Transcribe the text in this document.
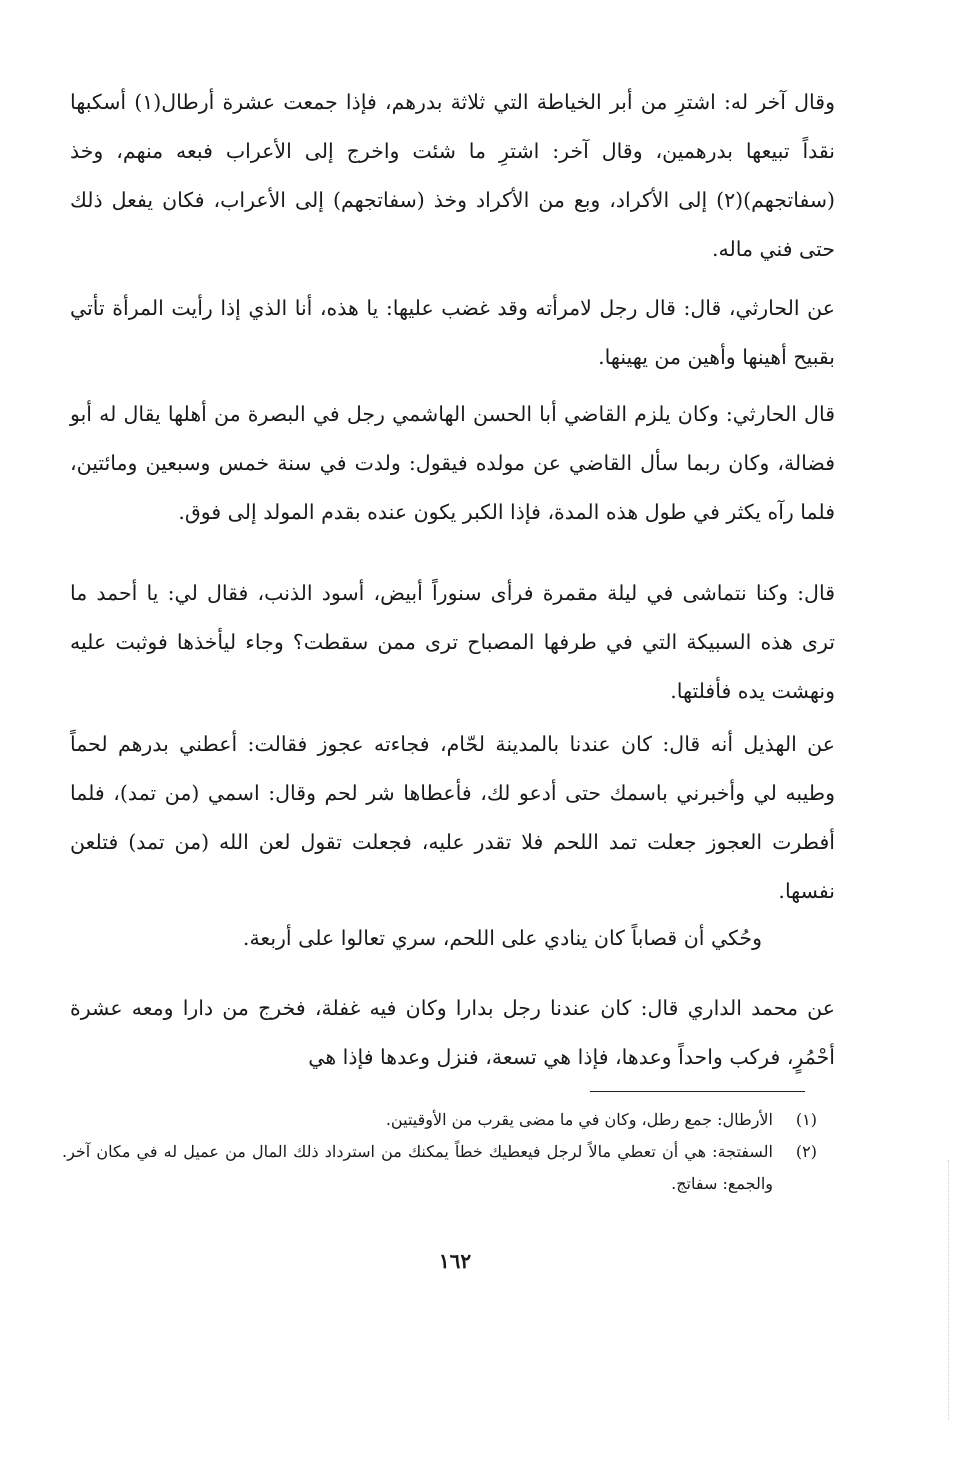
وقال آخر له: اشترِ من أبر الخياطة التي ثلاثة بدرهم، فإذا جمعت عشرة أرطال(١) أسكبها نقداً تبيعها بدرهمين، وقال آخر: اشترِ ما شئت واخرج إلى الأعراب فبعه منهم، وخذ (سفاتجهم)(٢) إلى الأكراد، وبع من الأكراد وخذ (سفاتجهم) إلى الأعراب، فكان يفعل ذلك حتى فني ماله.

عن الحارثي، قال: قال رجل لامرأته وقد غضب عليها: يا هذه، أنا الذي إذا رأيت المرأة تأتي بقبيح أهينها وأهين من يهينها.

قال الحارثي: وكان يلزم القاضي أبا الحسن الهاشمي رجل في البصرة من أهلها يقال له أبو فضالة، وكان ربما سأل القاضي عن مولده فيقول: ولدت في سنة خمس وسبعين ومائتين، فلما رآه يكثر في طول هذه المدة، فإذا الكبر يكون عنده بقدم المولد إلى فوق.

قال: وكنا نتماشى في ليلة مقمرة فرأى سنوراً أبيض، أسود الذنب، فقال لي: يا أحمد ما ترى هذه السبيكة التي في طرفها المصباح ترى ممن سقطت؟ وجاء ليأخذها فوثبت عليه ونهشت يده فأفلتها.

عن الهذيل أنه قال: كان عندنا بالمدينة لحّام، فجاءته عجوز فقالت: أعطني بدرهم لحماً وطيبه لي وأخبرني باسمك حتى أدعو لك، فأعطاها شر لحم وقال: اسمي (من تمد)، فلما أفطرت العجوز جعلت تمد اللحم فلا تقدر عليه، فجعلت تقول لعن الله (من تمد) فتلعن نفسها.

وحُكي أن قصاباً كان ينادي على اللحم، سري تعالوا على أربعة.

عن محمد الداري قال: كان عندنا رجل بدارا وكان فيه غفلة، فخرج من دارا ومعه عشرة أحْمُرٍ، فركب واحداً وعدها، فإذا هي تسعة، فنزل وعدها فإذا هي

(١)
الأرطال: جمع رطل، وكان في ما مضى يقرب من الأوقيتين.
(٢)
السفتجة: هي أن تعطي مالاً لرجل فيعطيك خطاً يمكنك من استرداد ذلك المال من عميل له في مكان آخر. والجمع: سفاتج.
١٦٢
